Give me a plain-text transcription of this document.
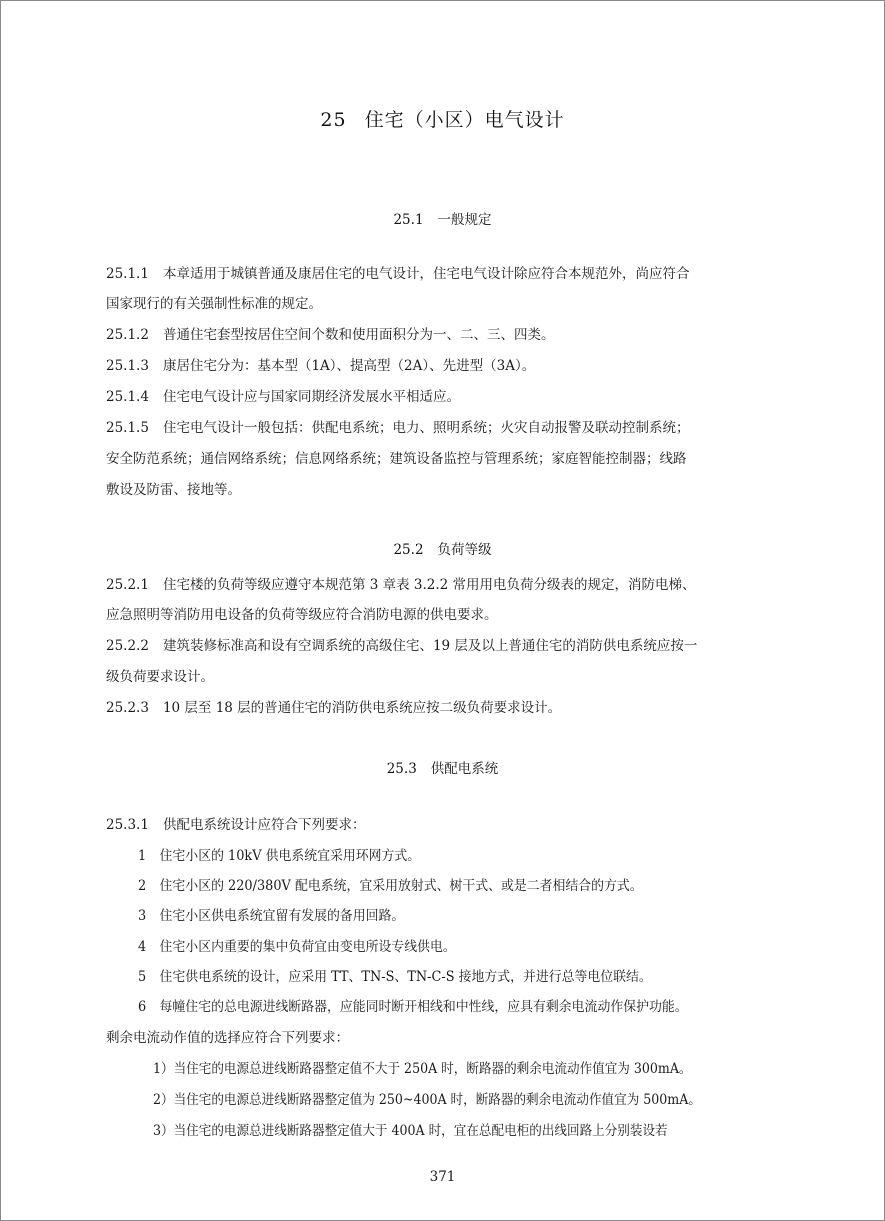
25 住宅（小区）电气设计
25.1 一般规定
25.1.1 本章适用于城镇普通及康居住宅的电气设计，住宅电气设计除应符合本规范外，尚应符合
国家现行的有关强制性标准的规定。
25.1.2 普通住宅套型按居住空间个数和使用面积分为一、二、三、四类。
25.1.3 康居住宅分为：基本型（1A）、提高型（2A）、先进型（3A）。
25.1.4 住宅电气设计应与国家同期经济发展水平相适应。
25.1.5 住宅电气设计一般包括：供配电系统；电力、照明系统；火灾自动报警及联动控制系统；
安全防范系统；通信网络系统；信息网络系统；建筑设备监控与管理系统；家庭智能控制器；线路
敷设及防雷、接地等。
25.2 负荷等级
25.2.1 住宅楼的负荷等级应遵守本规范第 3 章表 3.2.2 常用用电负荷分级表的规定，消防电梯、
应急照明等消防用电设备的负荷等级应符合消防电源的供电要求。
25.2.2 建筑装修标准高和设有空调系统的高级住宅、19 层及以上普通住宅的消防供电系统应按一
级负荷要求设计。
25.2.3 10 层至 18 层的普通住宅的消防供电系统应按二级负荷要求设计。
25.3 供配电系统
25.3.1 供配电系统设计应符合下列要求：
1 住宅小区的 10kV 供电系统宜采用环网方式。
2 住宅小区的 220/380V 配电系统，宜采用放射式、树干式、或是二者相结合的方式。
3 住宅小区供电系统宜留有发展的备用回路。
4 住宅小区内重要的集中负荷宜由变电所设专线供电。
5 住宅供电系统的设计，应采用 TT、TN-S、TN-C-S 接地方式，并进行总等电位联结。
6 每幢住宅的总电源进线断路器，应能同时断开相线和中性线，应具有剩余电流动作保护功能。
剩余电流动作值的选择应符合下列要求：
1）当住宅的电源总进线断路器整定值不大于 250A 时，断路器的剩余电流动作值宜为 300mA。
2）当住宅的电源总进线断路器整定值为 250~400A 时，断路器的剩余电流动作值宜为 500mA。
3）当住宅的电源总进线断路器整定值大于 400A 时，宜在总配电柜的出线回路上分别装设若
371
